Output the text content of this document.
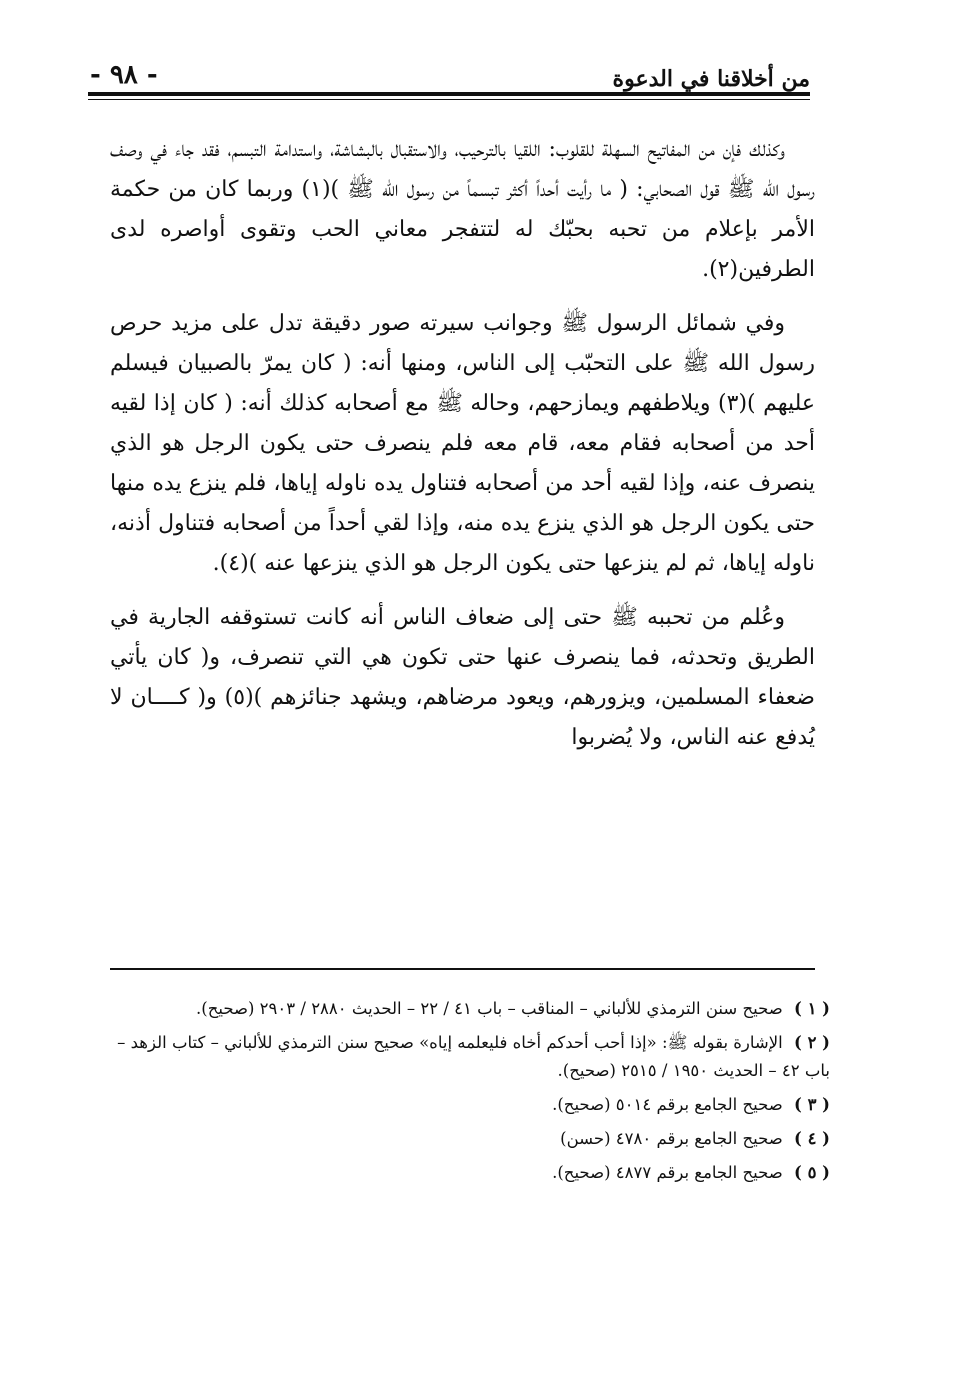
من أخلاقنا في الدعوة
- ٩٨ -

وكذلك فإن من المفاتيح السهلة للقلوب: اللقيا بالترحيب، والاستقبال بالبشاشة، واستدامة التبسم، فقد جاء في وصف رسول الله ﷺ قول الصحابي: ( ما رأيت أحداً أكثر تبسماً من رسول الله ﷺ )(١) وربما كان من حكمة الأمر بإعلام من تحبه بحبّك له لتتفجر معاني الحب وتقوى أواصره لدى الطرفين(٢).

وفي شمائل الرسول ﷺ وجوانب سيرته صور دقيقة تدل على مزيد حرص رسول الله ﷺ على التحبّب إلى الناس، ومنها أنه: ( كان يمرّ بالصبيان فيسلم عليهم )(٣) ويلاطفهم ويمازحهم، وحاله ﷺ مع أصحابه كذلك أنه: ( كان إذا لقيه أحد من أصحابه فقام معه، قام معه فلم ينصرف حتى يكون الرجل هو الذي ينصرف عنه، وإذا لقيه أحد من أصحابه فتناول يده ناوله إياها، فلم ينزع يده منها حتى يكون الرجل هو الذي ينزع يده منه، وإذا لقي أحداً من أصحابه فتناول أذنه، ناوله إياها، ثم لم ينزعها حتى يكون الرجل هو الذي ينزعها عنه )(٤).

وعُلم من تحببه ﷺ حتى إلى ضعاف الناس أنه كانت تستوقفه الجارية في الطريق وتحدثه، فما ينصرف عنها حتى تكون هي التي تنصرف، و( كان يأتي ضعفاء المسلمين، ويزورهم، ويعود مرضاهم، ويشهد جنائزهم )(٥) و( كــــان لا يُدفع عنه الناس، ولا يُضربوا

( ١ ) صحيح سنن الترمذي للألباني – المناقب – باب ٤١ / ٢٢ – الحديث ٢٨٨٠ / ٢٩٠٣ (صحيح).
( ٢ ) الإشارة بقوله ﷺ: «إذا أحب أحدكم أخاه فليعلمه إياه» صحيح سنن الترمذي للألباني – كتاب الزهد – باب ٤٢ – الحديث ١٩٥٠ / ٢٥١٥ (صحيح).
( ٣ ) صحيح الجامع برقم ٥٠١٤ (صحيح).
( ٤ ) صحيح الجامع برقم ٤٧٨٠ (حسن)
( ٥ ) صحيح الجامع برقم ٤٨٧٧ (صحيح).
